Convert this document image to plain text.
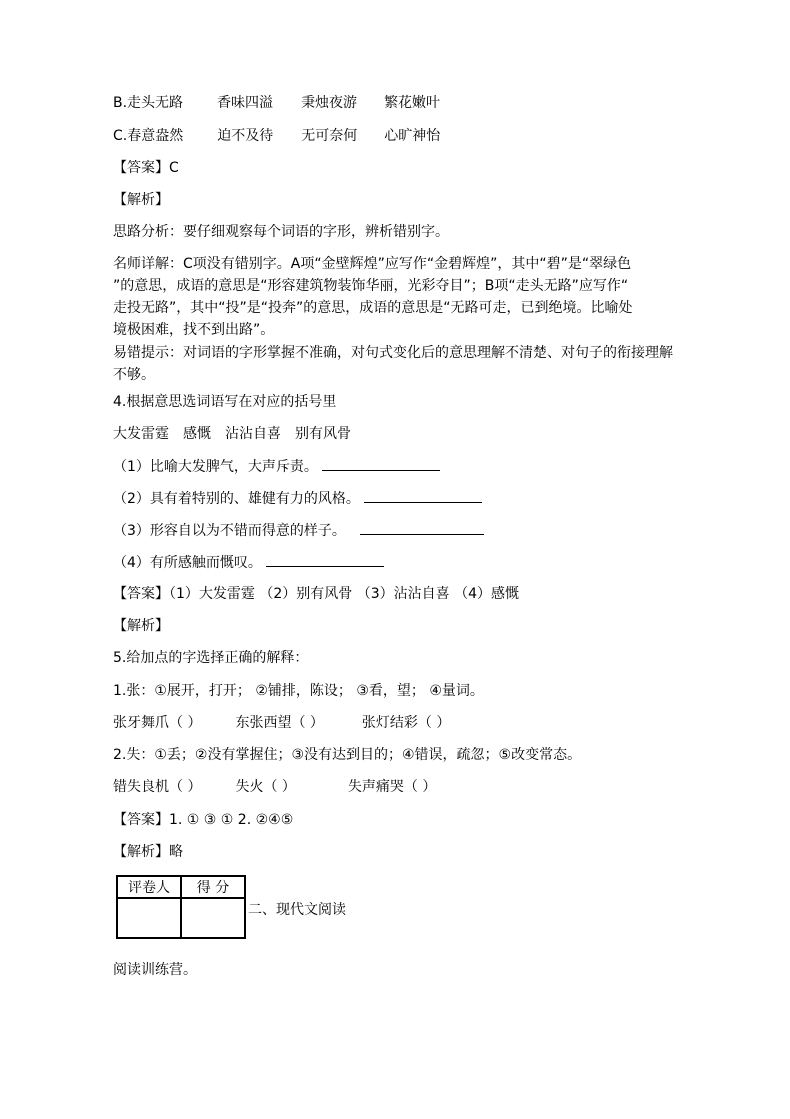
B.走头无路 香味四溢 秉烛夜游 繁花嫩叶
C.春意盎然 迫不及待 无可奈何 心旷神怡
【答案】C
【解析】
思路分析：要仔细观察每个词语的字形，辨析错别字。
名师详解：C项没有错别字。A项“金壁辉煌”应写作“金碧辉煌”，其中“碧”是“翠绿色
”的意思，成语的意思是“形容建筑物装饰华丽，光彩夺目”；B项“走头无路”应写作“
走投无路”，其中“投”是“投奔”的意思，成语的意思是“无路可走，已到绝境。比喻处
境极困难，找不到出路”。
易错提示：对词语的字形掌握不准确，对句式变化后的意思理解不清楚、对句子的衔接理解
不够。
4.根据意思选词语写在对应的括号里
大发雷霆 感慨 沾沾自喜 别有风骨
（1）比喻大发脾气，大声斥责。
（2）具有着特别的、雄健有力的风格。
（3）形容自以为不错而得意的样子。
（4）有所感触而慨叹。
【答案】（1）大发雷霆 （2）别有风骨 （3）沾沾自喜 （4）感慨
【解析】
5.给加点的字选择正确的解释：
1.张：①展开，打开； ②铺排，陈设； ③看，望； ④量词。
张牙舞爪（ ） 东张西望（ ）	张灯结彩（ ）
2.失：①丢；②没有掌握住；③没有达到目的；④错误，疏忽；⑤改变常态。
错失良机（ ） 失火（ ）	失声痛哭（ ）
【答案】1. ① ③ ① 2. ②④⑤
【解析】略
评卷人	得 分

二、现代文阅读
阅读训练营。
